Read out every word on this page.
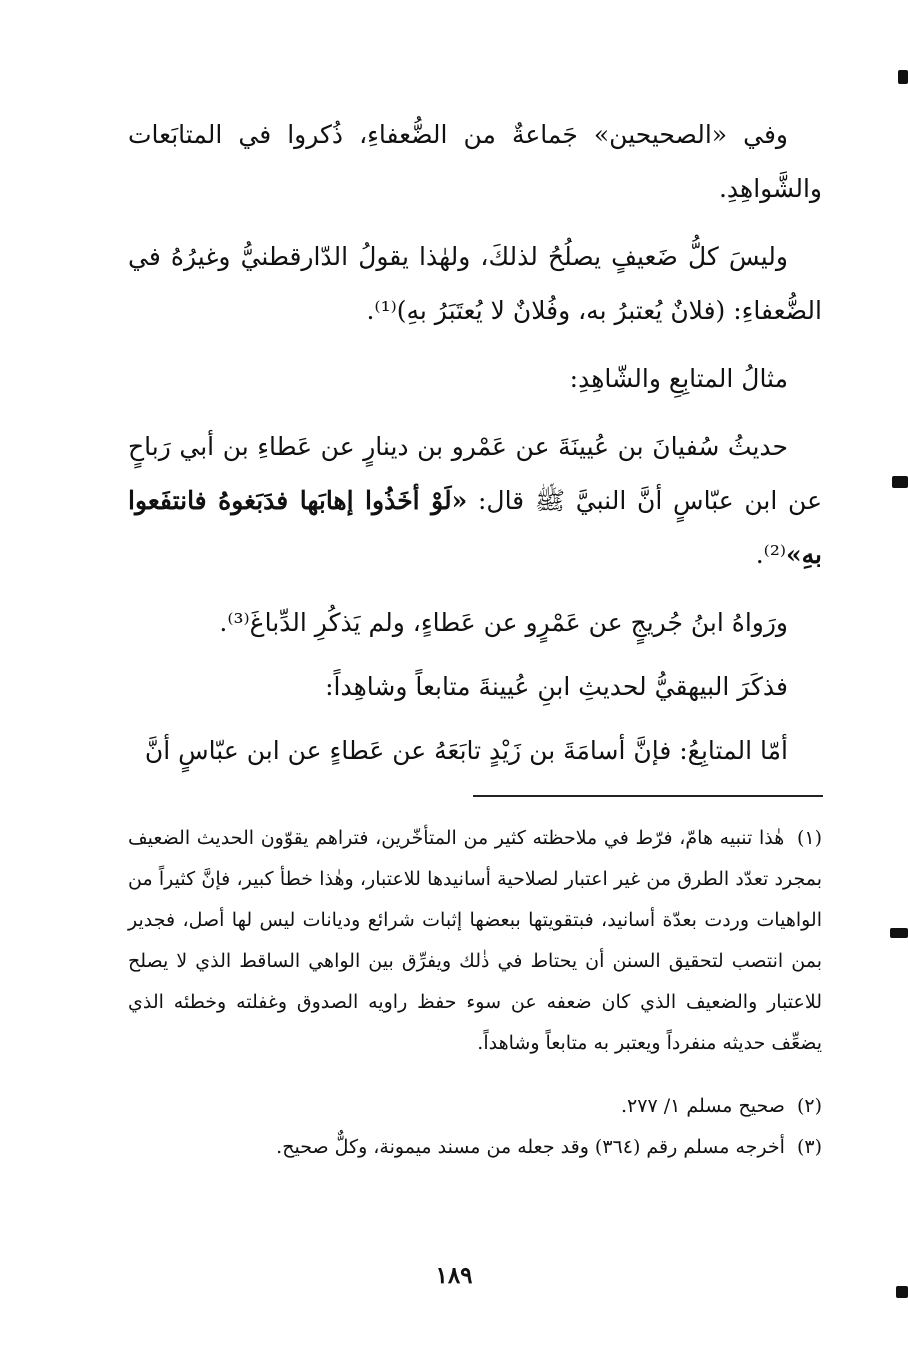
وفي «الصحيحين» جَماعةٌ من الضُّعفاءِ، ذُكروا في المتابَعات والشَّواهِدِ.

وليسَ كلُّ ضَعيفٍ يصلُحُ لذلكَ، ولهٰذا يقولُ الدّارقطنيُّ وغيرُهُ في الضُّعفاءِ: (فلانٌ يُعتبرُ به، وفُلانٌ لا يُعتَبَرُ بهِ)⁽¹⁾.

مثالُ المتابِعِ والشّاهِدِ:

حديثُ سُفيانَ بن عُيينَةَ عن عَمْرو بن دينارٍ عن عَطاءِ بن أبي رَباحٍ عن ابن عبّاسٍ أنَّ النبيَّ ﷺ قال: «لَوْ أخَذُوا إهابَها فدَبَغوهُ فانتفَعوا بهِ»⁽²⁾.

ورَواهُ ابنُ جُريجٍ عن عَمْرٍو عن عَطاءٍ، ولم يَذكُرِ الدِّباغَ⁽³⁾.

فذكَرَ البيهقيُّ لحديثِ ابنِ عُيينةَ متابعاً وشاهِداً:

أمّا المتابِعُ: فإنَّ أسامَةَ بن زَيْدٍ تابَعَهُ عن عَطاءٍ عن ابن عبّاسٍ أنَّ

(١) هٰذا تنبيه هامّ، فرّط في ملاحظته كثير من المتأخّرين، فتراهم يقوّون الحديث الضعيف بمجرد تعدّد الطرق من غير اعتبار لصلاحية أسانيدها للاعتبار، وهٰذا خطأ كبير، فإنَّ كثيراً من الواهيات وردت بعدّة أسانيد، فبتقويتها ببعضها إثبات شرائع وديانات ليس لها أصل، فجدير بمن انتصب لتحقيق السنن أن يحتاط في ذٰلك ويفرِّق بين الواهي الساقط الذي لا يصلح للاعتبار والضعيف الذي كان ضعفه عن سوء حفظ راويه الصدوق وغفلته وخطئه الذي يضعِّف حديثه منفرداً ويعتبر به متابعاً وشاهداً.

(٢) صحيح مسلم ١/ ٢٧٧.

(٣) أخرجه مسلم رقم (٣٦٤) وقد جعله من مسند ميمونة، وكلٌّ صحيح.

١٨٩
